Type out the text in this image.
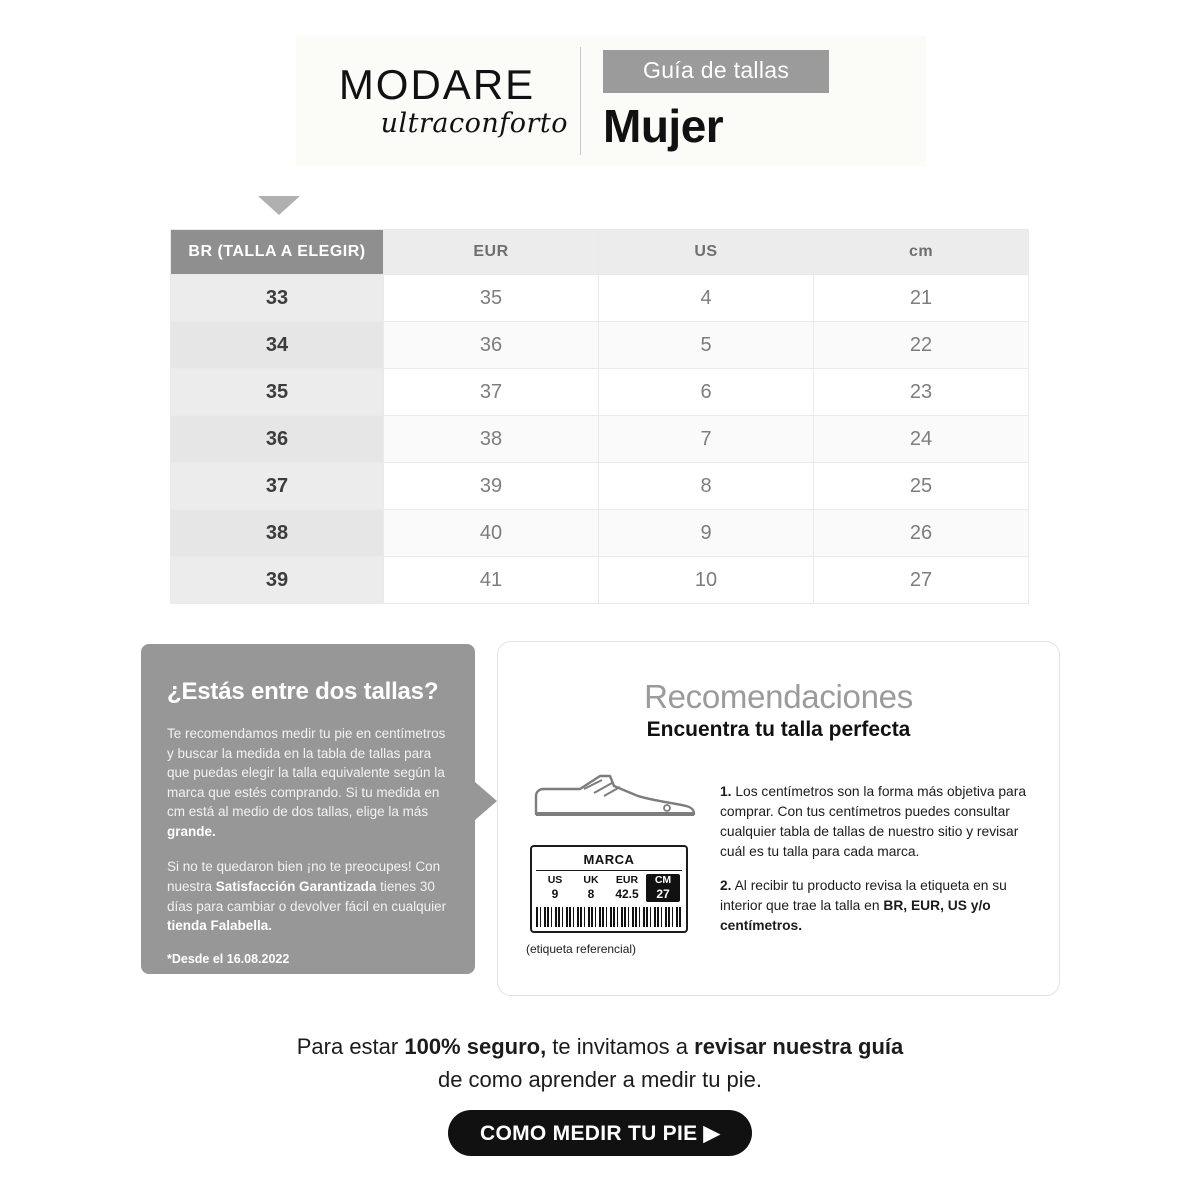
MODARE
ultraconforto
Guía de tallas
Mujer
BR (TALLA A ELEGIR)	EUR	US	cm
33	35	4	21
34	36	5	22
35	37	6	23
36	38	7	24
37	39	8	25
38	40	9	26
39	41	10	27
¿Estás entre dos tallas?

Te recomendamos medir tu pie en centímetros y buscar la medida en la tabla de tallas para que puedas elegir la talla equivalente según la marca que estés comprando. Si tu medida en cm está al medio de dos tallas, elige la más grande.

Si no te quedaron bien ¡no te preocupes! Con nuestra Satisfacción Garantizada tienes 30 días para cambiar o devolver fácil en cualquier tienda Falabella.

*Desde el 16.08.2022
Recomendaciones
Encuentra tu talla perfecta
MARCA
US
9
UK
8
EUR
42.5
CM
27
(etiqueta referencial)

1. Los centímetros son la forma más objetiva para comprar. Con tus centímetros puedes consultar cualquier tabla de tallas de nuestro sitio y revisar cuál es tu talla para cada marca.

2. Al recibir tu producto revisa la etiqueta en su interior que trae la talla en BR, EUR, US y/o centímetros.

Para estar 100% seguro, te invitamos a revisar nuestra guía
de como aprender a medir tu pie.
COMO MEDIR TU PIE ▶
